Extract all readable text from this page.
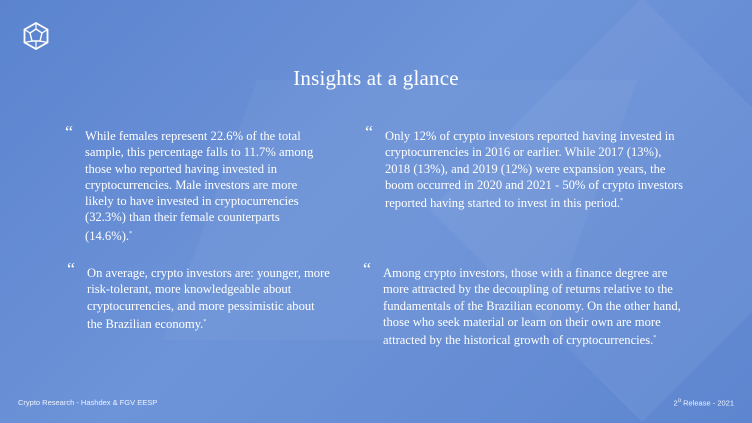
Insights at a glance
“ While females represent 22.6% of the total sample, this percentage falls to 11.7% among those who reported having invested in cryptocurrencies. Male investors are more likely to have invested in cryptocurrencies (32.3%) than their female counterparts (14.6%).*
“ Only 12% of crypto investors reported having invested in cryptocurrencies in 2016 or earlier. While 2017 (13%), 2018 (13%), and 2019 (12%) were expansion years, the boom occurred in 2020 and 2021 - 50% of crypto investors reported having started to invest in this period.*
“ On average, crypto investors are: younger, more risk-tolerant, more knowledgeable about cryptocurrencies, and more pessimistic about the Brazilian economy.*
“ Among crypto investors, those with a finance degree are more attracted by the decoupling of returns relative to the fundamentals of the Brazilian economy. On the other hand, those who seek material or learn on their own are more attracted by the historical growth of cryptocurrencies.*
Crypto Research - Hashdex & FGV EESP	2$^o$ Release - 2021
